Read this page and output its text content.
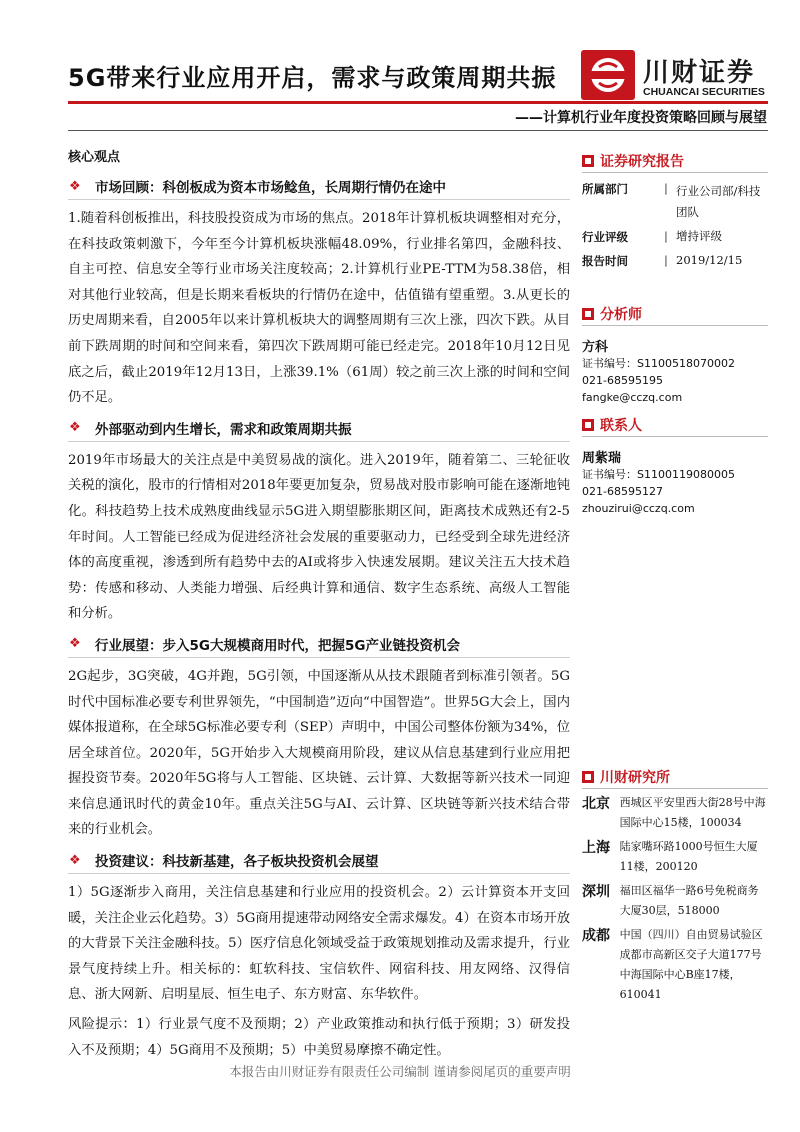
5G带来行业应用开启，需求与政策周期共振	川财证券
CHUANCAI SECURITIES
——计算机行业年度投资策略回顾与展望
核心观点
❖	市场回顾：科创板成为资本市场鲶鱼，长周期行情仍在途中

1.随着科创板推出，科技股投资成为市场的焦点。2018年计算机板块调整相对充分，在科技政策刺激下，今年至今计算机板块涨幅48.09%，行业排名第四，金融科技、自主可控、信息安全等行业市场关注度较高；2.计算机行业PE-TTM为58.38倍，相对其他行业较高，但是长期来看板块的行情仍在途中，估值锚有望重塑。3.从更长的历史周期来看，自2005年以来计算机板块大的调整周期有三次上涨，四次下跌。从目前下跌周期的时间和空间来看，第四次下跌周期可能已经走完。2018年10月12日见底之后，截止2019年12月13日，上涨39.1%（61周）较之前三次上涨的时间和空间仍不足。

❖	外部驱动到内生增长，需求和政策周期共振

2019年市场最大的关注点是中美贸易战的演化。进入2019年，随着第二、三轮征收关税的演化，股市的行情相对2018年要更加复杂，贸易战对股市影响可能在逐渐地钝化。科技趋势上技术成熟度曲线显示5G进入期望膨胀期区间，距离技术成熟还有2-5年时间。人工智能已经成为促进经济社会发展的重要驱动力，已经受到全球先进经济体的高度重视，渗透到所有趋势中去的AI或将步入快速发展期。建议关注五大技术趋势：传感和移动、人类能力增强、后经典计算和通信、数字生态系统、高级人工智能和分析。

❖	行业展望：步入5G大规模商用时代，把握5G产业链投资机会

2G起步，3G突破，4G并跑，5G引领，中国逐渐从从技术跟随者到标准引领者。5G时代中国标准必要专利世界领先，“中国制造”迈向“中国智造”。世界5G大会上，国内媒体报道称，在全球5G标准必要专利（SEP）声明中，中国公司整体份额为34%，位居全球首位。2020年，5G开始步入大规模商用阶段，建议从信息基建到行业应用把握投资节奏。2020年5G将与人工智能、区块链、云计算、大数据等新兴技术一同迎来信息通讯时代的黄金10年。重点关注5G与AI、云计算、区块链等新兴技术结合带来的行业机会。

❖	投资建议：科技新基建，各子板块投资机会展望

1）5G逐渐步入商用，关注信息基建和行业应用的投资机会。2）云计算资本开支回暖，关注企业云化趋势。3）5G商用提速带动网络安全需求爆发。4）在资本市场开放的大背景下关注金融科技。5）医疗信息化领域受益于政策规划推动及需求提升，行业景气度持续上升。相关标的：虹软科技、宝信软件、网宿科技、用友网络、汉得信息、浙大网新、启明星辰、恒生电子、东方财富、东华软件。

风险提示：1）行业景气度不及预期；2）产业政策推动和执行低于预期；3）研发投入不及预期；4）5G商用不及预期；5）中美贸易摩擦不确定性。

证券研究报告
所属部门	|	行业公司部/科技团队
行业评级	|	增持评级
报告时间	|	2019/12/15
分析师
方科
证书编号：S1100518070002
021-68595195
fangke@cczq.com
联系人
周紫瑞
证书编号：S1100119080005
021-68595127
zhouzirui@cczq.com
川财研究所
北京 西城区平安里西大街28号中海国际中心15楼，100034
上海 陆家嘴环路1000号恒生大厦11楼，200120
深圳 福田区福华一路6号免税商务大厦30层，518000
成都 中国（四川）自由贸易试验区成都市高新区交子大道177号中海国际中心B座17楼，610041
本报告由川财证券有限责任公司编制 谨请参阅尾页的重要声明
